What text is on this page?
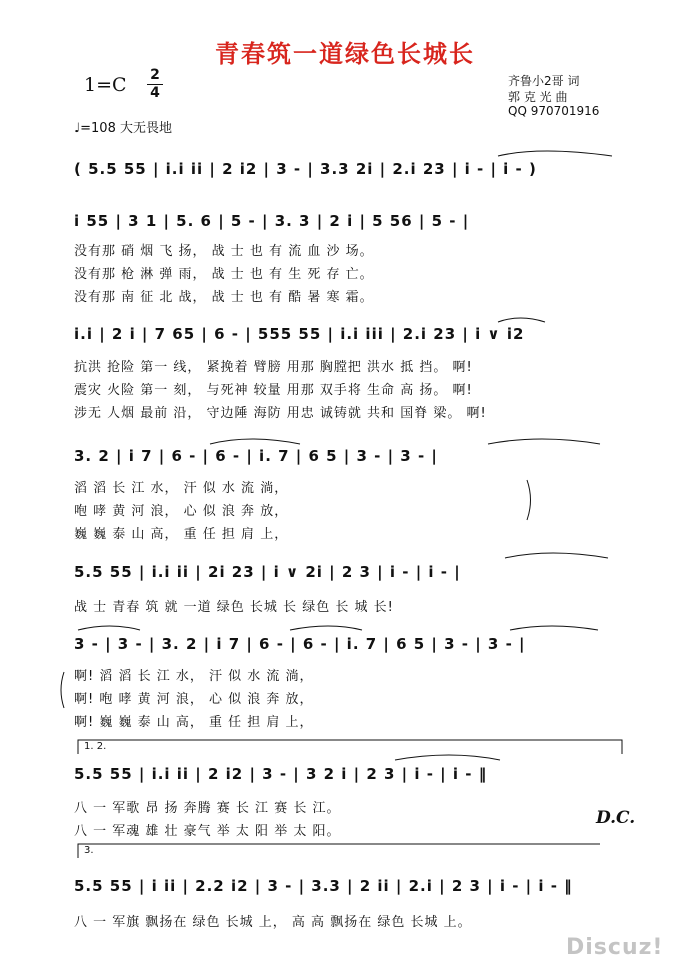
青春筑一道绿色长城长
1=C 2
4
齐鲁小2哥 词
郭 克 光 曲
QQ 970701916
♩=108 大无畏地
( 5.5 55 | i.i ii | 2 i2 | 3 - | 3.3 2i | 2.i 23 | i - | i - )
i 55 | 3 1 | 5. 6 | 5 - | 3. 3 | 2 i | 5 56 | 5 - |
没有那 硝 烟 飞 扬， 战 士 也 有 流 血 沙 场。
没有那 枪 淋 弹 雨， 战 士 也 有 生 死 存 亡。
没有那 南 征 北 战， 战 士 也 有 酷 暑 寒 霜。
i.i | 2 i | 7 65 | 6 - | 555 55 | i.i iii | 2.i 23 | i ∨ i2
抗洪 抢险 第一 线， 紧挽着 臂膀 用那 胸膛把 洪水 抵 挡。 啊!
震灾 火险 第一 刻， 与死神 较量 用那 双手将 生命 高 扬。 啊!
涉无 人烟 最前 沿， 守边陲 海防 用忠 诚铸就 共和 国脊 梁。 啊!
3. 2 | i 7 | 6 - | 6 - | i. 7 | 6 5 | 3 - | 3 - |
滔 滔 长 江 水， 汗 似 水 流 淌，
咆 哮 黄 河 浪， 心 似 浪 奔 放，
巍 巍 泰 山 高， 重 任 担 肩 上，
5.5 55 | i.i ii | 2i 23 | i ∨ 2i | 2 3 | i - | i - |
战 士 青春 筑 就 一道 绿色 长城 长 绿色 长 城 长!
3 - | 3 - | 3. 2 | i 7 | 6 - | 6 - | i. 7 | 6 5 | 3 - | 3 - |
啊! 滔 滔 长 江 水， 汗 似 水 流 淌，
啊! 咆 哮 黄 河 浪， 心 似 浪 奔 放，
啊! 巍 巍 泰 山 高， 重 任 担 肩 上，
1. 2.
5.5 55 | i.i ii | 2 i2 | 3 - | 3 2 i | 2 3 | i - | i - ‖
八 一 军歌 昂 扬 奔腾 赛 长 江 赛 长 江。
八 一 军魂 雄 壮 豪气 举 太 阳 举 太 阳。
D.C.
3.
5.5 55 | i ii | 2.2 i2 | 3 - | 3.3 | 2 ii | 2.i | 2 3 | i - | i - ‖
八 一 军旗 飘扬在 绿色 长城 上， 高 高 飘扬在 绿色 长城 上。
Discuz!
